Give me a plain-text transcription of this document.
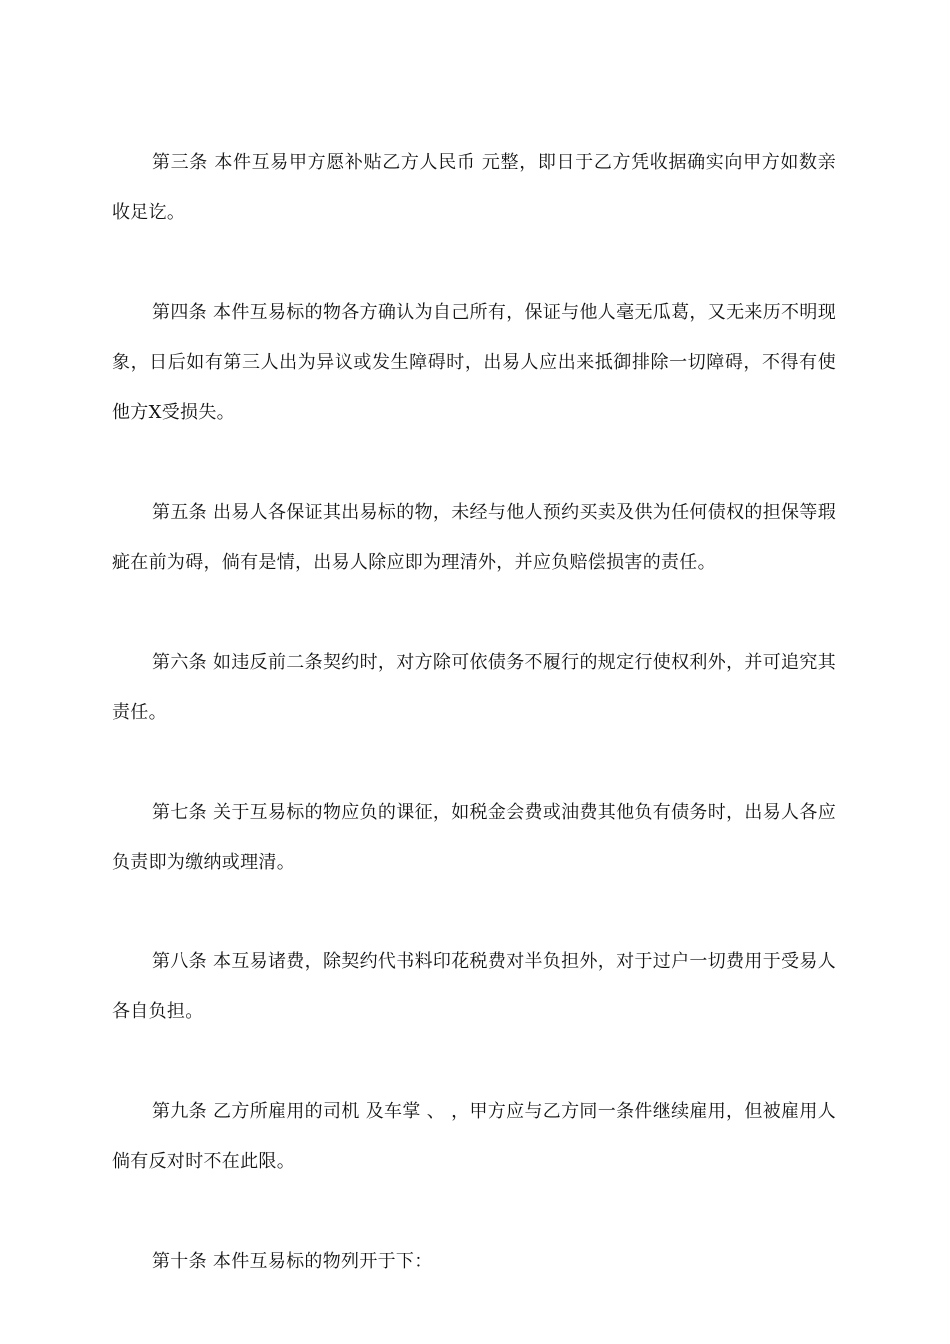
第三条 本件互易甲方愿补贴乙方人民币 元整，即日于乙方凭收据确实向甲方如数亲收足讫。

第四条 本件互易标的物各方确认为自己所有，保证与他人毫无瓜葛，又无来历不明现象，日后如有第三人出为异议或发生障碍时，出易人应出来抵御排除一切障碍，不得有使他方X受损失。

第五条 出易人各保证其出易标的物，未经与他人预约买卖及供为任何债权的担保等瑕疵在前为碍，倘有是情，出易人除应即为理清外，并应负赔偿损害的责任。

第六条 如违反前二条契约时，对方除可依债务不履行的规定行使权利外，并可追究其责任。

第七条 关于互易标的物应负的课征，如税金会费或油费其他负有债务时，出易人各应负责即为缴纳或理清。

第八条 本互易诸费，除契约代书料印花税费对半负担外，对于过户一切费用于受易人各自负担。

第九条 乙方所雇用的司机 及车掌 、 ，甲方应与乙方同一条件继续雇用，但被雇用人倘有反对时不在此限。

第十条 本件互易标的物列开于下：
